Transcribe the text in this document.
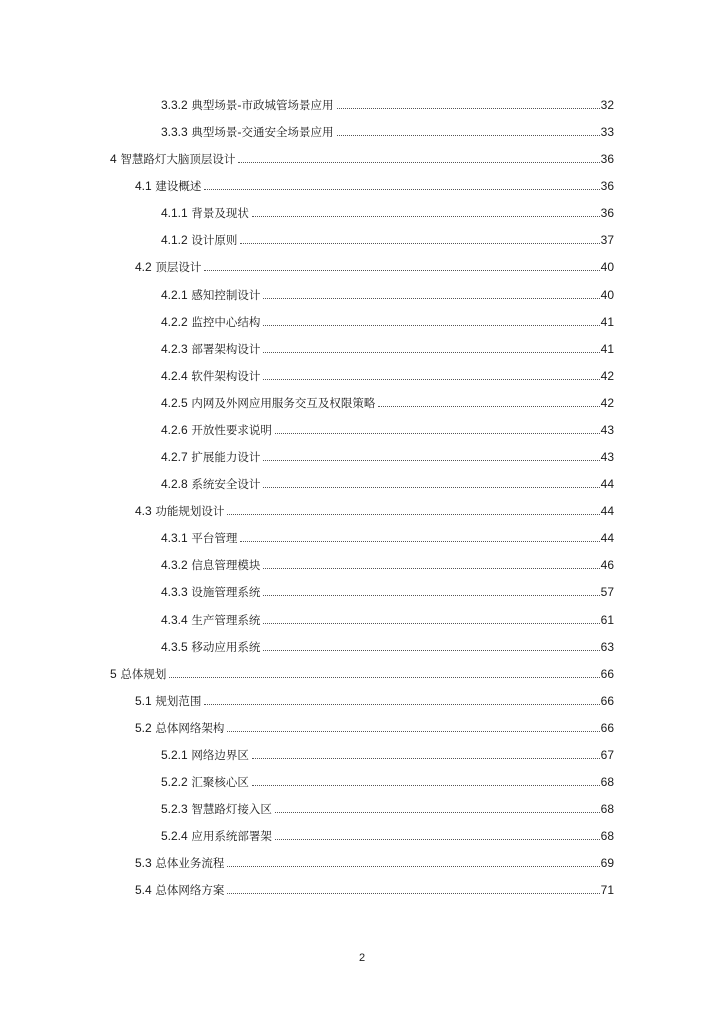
3.3.2 典型场景-市政城管场景应用	32
3.3.3 典型场景-交通安全场景应用	33
4 智慧路灯大脑顶层设计	36
4.1 建设概述	36
4.1.1 背景及现状	36
4.1.2 设计原则	37
4.2 顶层设计	40
4.2.1 感知控制设计	40
4.2.2 监控中心结构	41
4.2.3 部署架构设计	41
4.2.4 软件架构设计	42
4.2.5 内网及外网应用服务交互及权限策略	42
4.2.6 开放性要求说明	43
4.2.7 扩展能力设计	43
4.2.8 系统安全设计	44
4.3 功能规划设计	44
4.3.1 平台管理	44
4.3.2 信息管理模块	46
4.3.3 设施管理系统	57
4.3.4 生产管理系统	61
4.3.5 移动应用系统	63
5 总体规划	66
5.1 规划范围	66
5.2 总体网络架构	66
5.2.1 网络边界区	67
5.2.2 汇聚核心区	68
5.2.3 智慧路灯接入区	68
5.2.4 应用系统部署架	68
5.3 总体业务流程	69
5.4 总体网络方案	71
2
